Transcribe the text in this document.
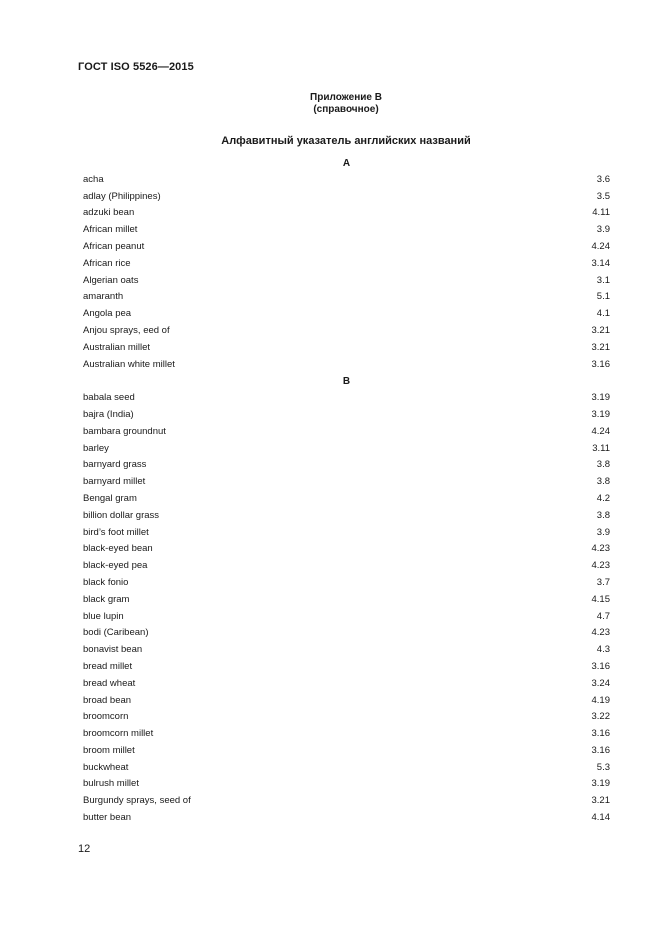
ГОСТ ISO 5526—2015
Приложение В
(справочное)
Алфавитный указатель английских названий
A
acha	3.6
adlay (Philippines)	3.5
adzuki bean	4.11
African millet	3.9
African peanut	4.24
African rice	3.14
Algerian oats	3.1
amaranth	5.1
Angola pea	4.1
Anjou sprays, eed of	3.21
Australian millet	3.21
Australian white millet	3.16
B
babala seed	3.19
bajra (India)	3.19
bambara groundnut	4.24
barley	3.11
barnyard grass	3.8
barnyard millet	3.8
Bengal gram	4.2
billion dollar grass	3.8
bird’s foot millet	3.9
black-eyed bean	4.23
black-eyed pea	4.23
black fonio	3.7
black gram	4.15
blue lupin	4.7
bodi (Caribean)	4.23
bonavist bean	4.3
bread millet	3.16
bread wheat	3.24
broad bean	4.19
broomcorn	3.22
broomcorn millet	3.16
broom millet	3.16
buckwheat	5.3
bulrush millet	3.19
Burgundy sprays, seed of	3.21
butter bean	4.14
12
